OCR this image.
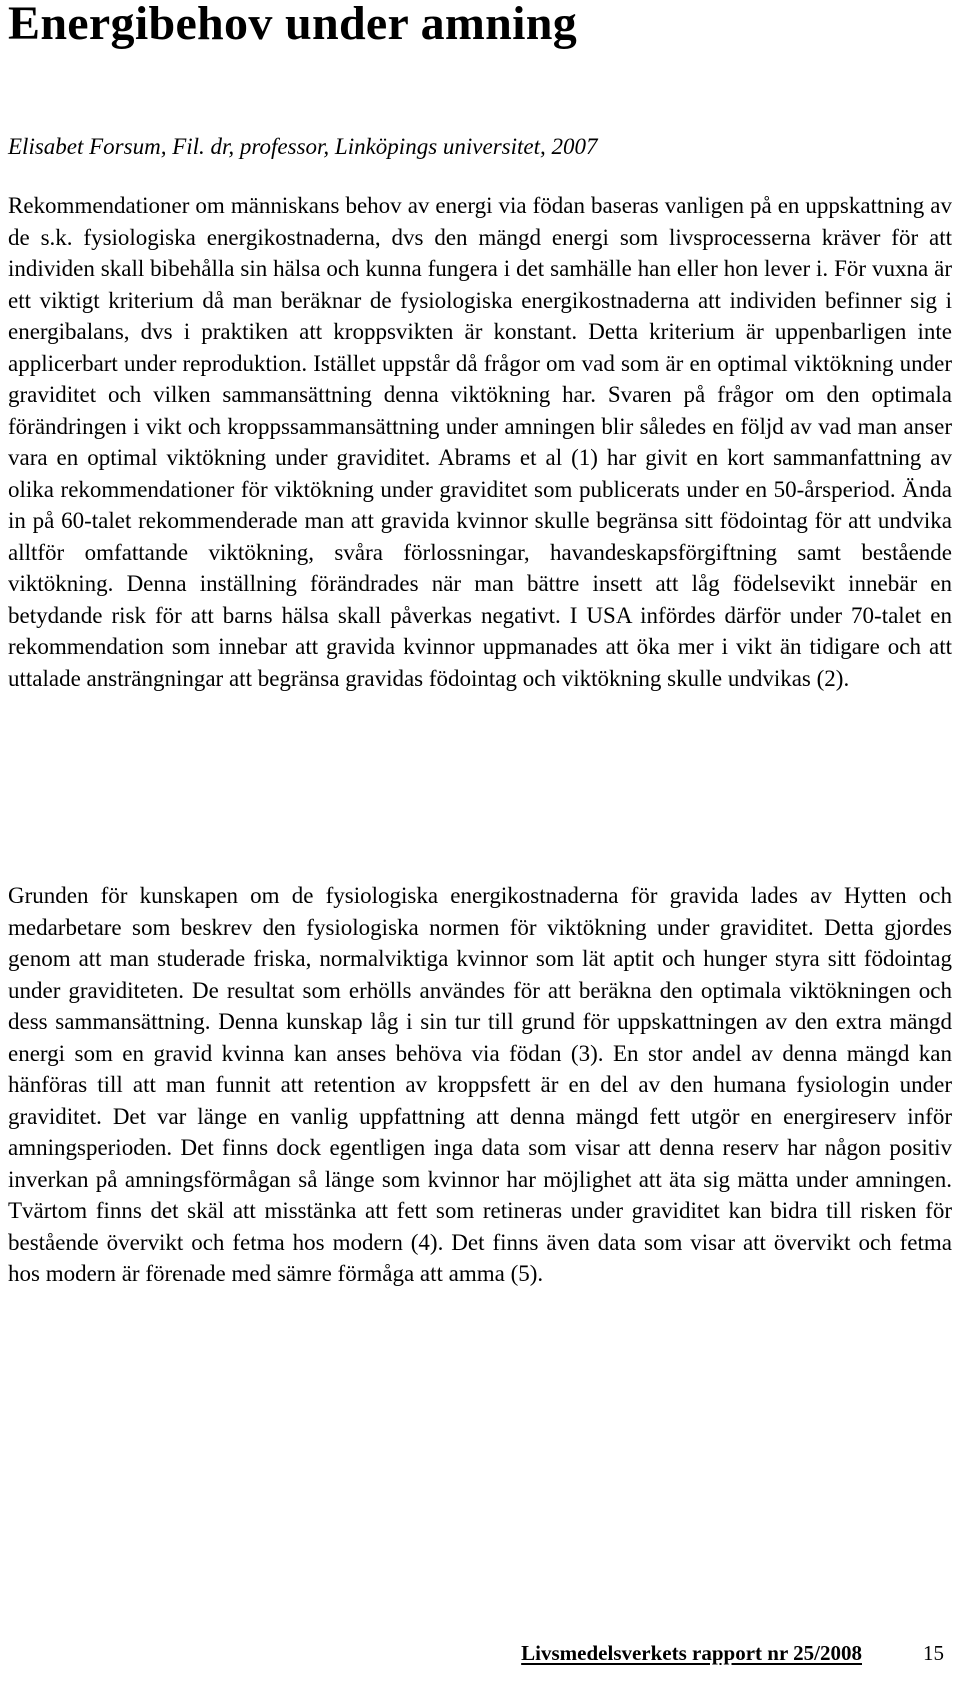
Energibehov under amning

Elisabet Forsum, Fil. dr, professor, Linköpings universitet, 2007

Rekommendationer om människans behov av energi via födan baseras vanligen på en uppskattning av de s.k. fysiologiska energikostnaderna, dvs den mängd energi som livsprocesserna kräver för att individen skall bibehålla sin hälsa och kunna fungera i det samhälle han eller hon lever i. För vuxna är ett viktigt kriterium då man beräknar de fysiologiska energikostnaderna att individen befinner sig i energibalans, dvs i praktiken att kroppsvikten är konstant. Detta kriterium är uppenbarligen inte applicerbart under reproduktion. Istället uppstår då frågor om vad som är en optimal viktökning under graviditet och vilken sammansättning denna viktökning har. Svaren på frågor om den optimala förändringen i vikt och kroppssammansättning under amningen blir således en följd av vad man anser vara en optimal viktökning under graviditet. Abrams et al (1) har givit en kort sammanfattning av olika rekommendationer för viktökning under graviditet som publicerats under en 50-årsperiod. Ända in på 60-talet rekommenderade man att gravida kvinnor skulle begränsa sitt födointag för att undvika alltför omfattande viktökning, svåra förlossningar, havandeskapsförgiftning samt bestående viktökning. Denna inställning förändrades när man bättre insett att låg födelsevikt innebär en betydande risk för att barns hälsa skall påverkas negativt. I USA infördes därför under 70-talet en rekommendation som innebar att gravida kvinnor uppmanades att öka mer i vikt än tidigare och att uttalade ansträngningar att begränsa gravidas födointag och viktökning skulle undvikas (2).

Grunden för kunskapen om de fysiologiska energikostnaderna för gravida lades av Hytten och medarbetare som beskrev den fysiologiska normen för viktökning under graviditet. Detta gjordes genom att man studerade friska, normalviktiga kvinnor som lät aptit och hunger styra sitt födointag under graviditeten. De resultat som erhölls användes för att beräkna den optimala viktökningen och dess sammansättning. Denna kunskap låg i sin tur till grund för uppskattningen av den extra mängd energi som en gravid kvinna kan anses behöva via födan (3). En stor andel av denna mängd kan hänföras till att man funnit att retention av kroppsfett är en del av den humana fysiologin under graviditet. Det var länge en vanlig uppfattning att denna mängd fett utgör en energireserv inför amningsperioden. Det finns dock egentligen inga data som visar att denna reserv har någon positiv inverkan på amningsförmågan så länge som kvinnor har möjlighet att äta sig mätta under amningen. Tvärtom finns det skäl att misstänka att fett som retineras under graviditet kan bidra till risken för bestående övervikt och fetma hos modern (4). Det finns även data som visar att övervikt och fetma hos modern är förenade med sämre förmåga att amma (5).

Livsmedelsverkets rapport nr 25/2008	15
